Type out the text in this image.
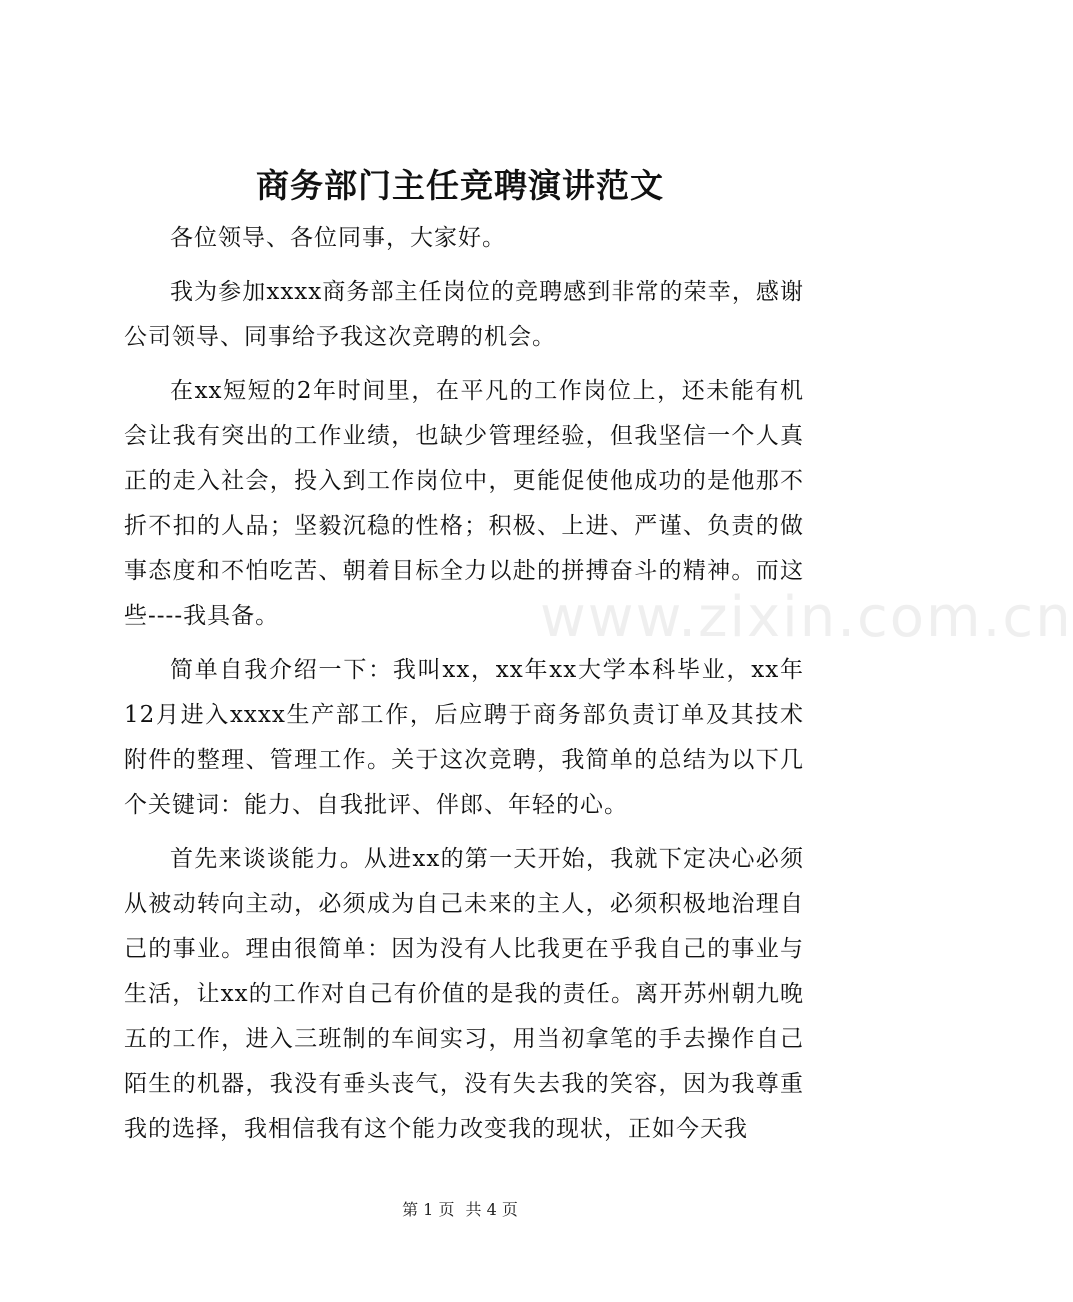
商务部门主任竞聘演讲范文
www.zixin.com.cn

各位领导、各位同事，大家好。

我为参加xxxx商务部主任岗位的竞聘感到非常的荣幸，感谢公司领导、同事给予我这次竞聘的机会。

在xx短短的2年时间里，在平凡的工作岗位上，还未能有机会让我有突出的工作业绩，也缺少管理经验，但我坚信一个人真正的走入社会，投入到工作岗位中，更能促使他成功的是他那不折不扣的人品；坚毅沉稳的性格；积极、上进、严谨、负责的做事态度和不怕吃苦、朝着目标全力以赴的拼搏奋斗的精神。而这些----我具备。

简单自我介绍一下：我叫xx，xx年xx大学本科毕业，xx年12月进入xxxx生产部工作，后应聘于商务部负责订单及其技术附件的整理、管理工作。关于这次竞聘，我简单的总结为以下几个关键词：能力、自我批评、伴郎、年轻的心。

首先来谈谈能力。从进xx的第一天开始，我就下定决心必须从被动转向主动，必须成为自己未来的主人，必须积极地治理自己的事业。理由很简单：因为没有人比我更在乎我自己的事业与生活，让xx的工作对自己有价值的是我的责任。离开苏州朝九晚五的工作，进入三班制的车间实习，用当初拿笔的手去操作自己陌生的机器，我没有垂头丧气，没有失去我的笑容，因为我尊重我的选择，我相信我有这个能力改变我的现状，正如今天我

第 1 页 共 4 页
